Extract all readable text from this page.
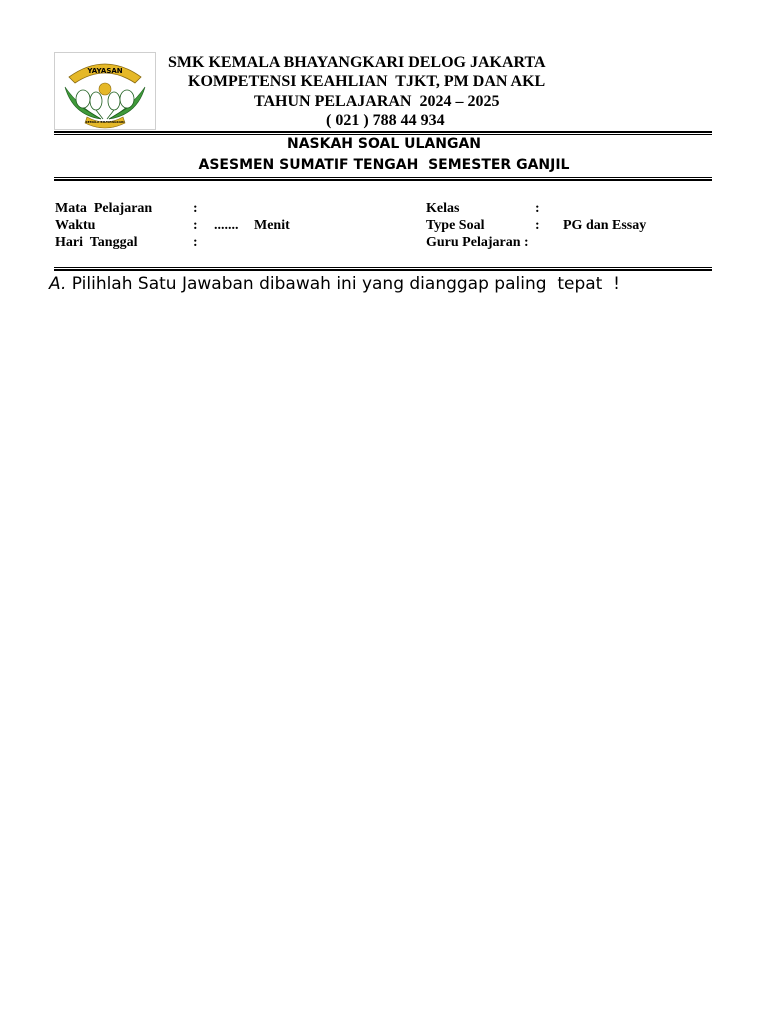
YAYASAN
KEMALA BHAYANGKARI
SMK KEMALA BHAYANGKARI DELOG JAKARTA
KOMPETENSI KEAHLIAN  TJKT, PM DAN AKL
TAHUN PELAJARAN  2024 – 2025
( 021 ) 788 44 934
NASKAH SOAL ULANGAN
ASESMEN SUMATIF TENGAH  SEMESTER GANJIL
Mata  Pelajaran	:
Waktu	: ....... Menit
Hari  Tanggal	:
Kelas	:
Type Soal	: PG dan Essay
Guru Pelajaran :
A. Pilihlah Satu Jawaban dibawah ini yang dianggap paling  tepat  !
